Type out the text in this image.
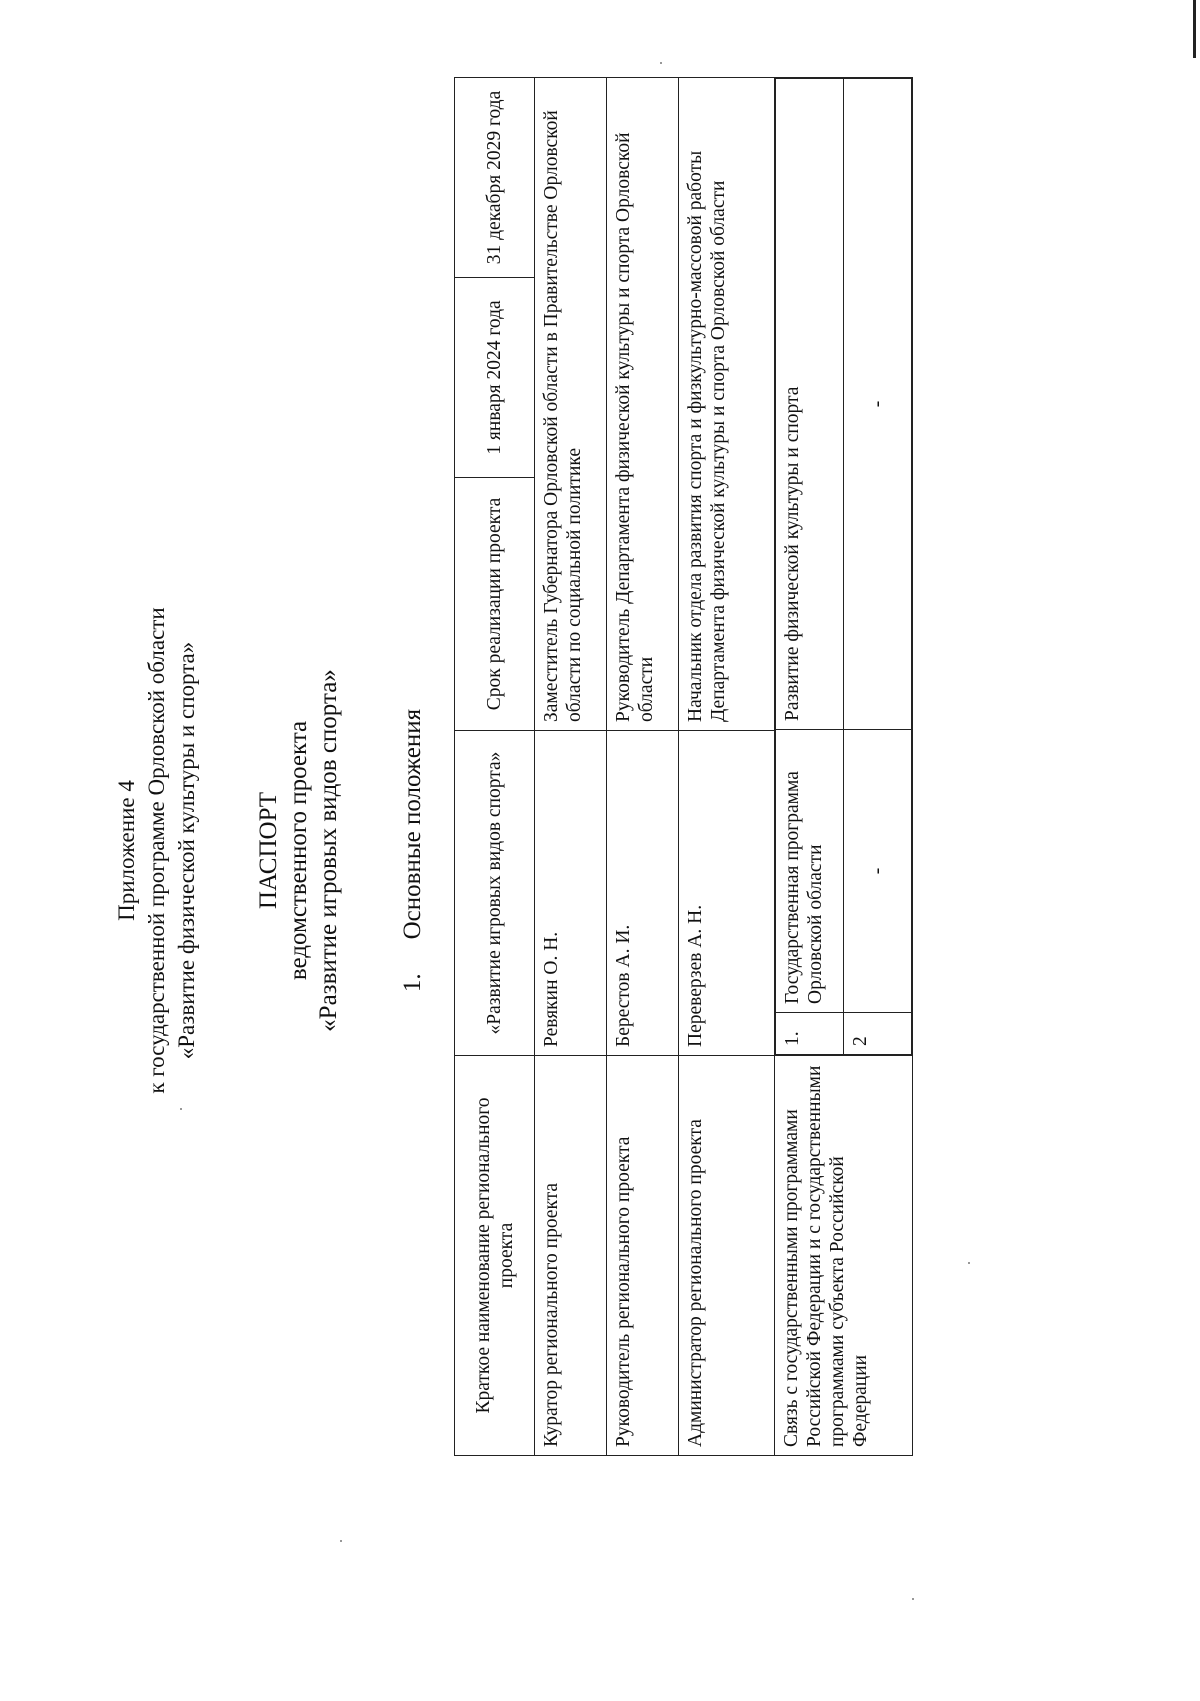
Приложение 4 к государственной программе Орловской области «Развитие физической культуры и спорта» ПАСПОРТ ведомственного проекта «Развитие игровых видов спорта» 1.Основные положения
Краткое наименование регионального проекта	«Развитие игровых видов спорта»	Срок реализации проекта	1 января 2024 года	31 декабря 2029 года
Куратор регионального проекта	Ревякин О. Н.	Заместитель Губернатора Орловской области в Правительстве Орловской области по социальной политике
Руководитель регионального проекта	Берестов А. И.	Руководитель Департамента физической культуры и спорта Орловской области
Администратор регионального проекта	Переверзев А. Н.	Начальник отдела развития спорта и физкультурно-массовой работы Департамента физической культуры и спорта Орловской области
Связь с государственными программами Российской Федерации и с государственными программами субъекта Российской Федерации	
1.	Государственная программа Орловской области	Развитие физической культуры и спорта
2	-	-
